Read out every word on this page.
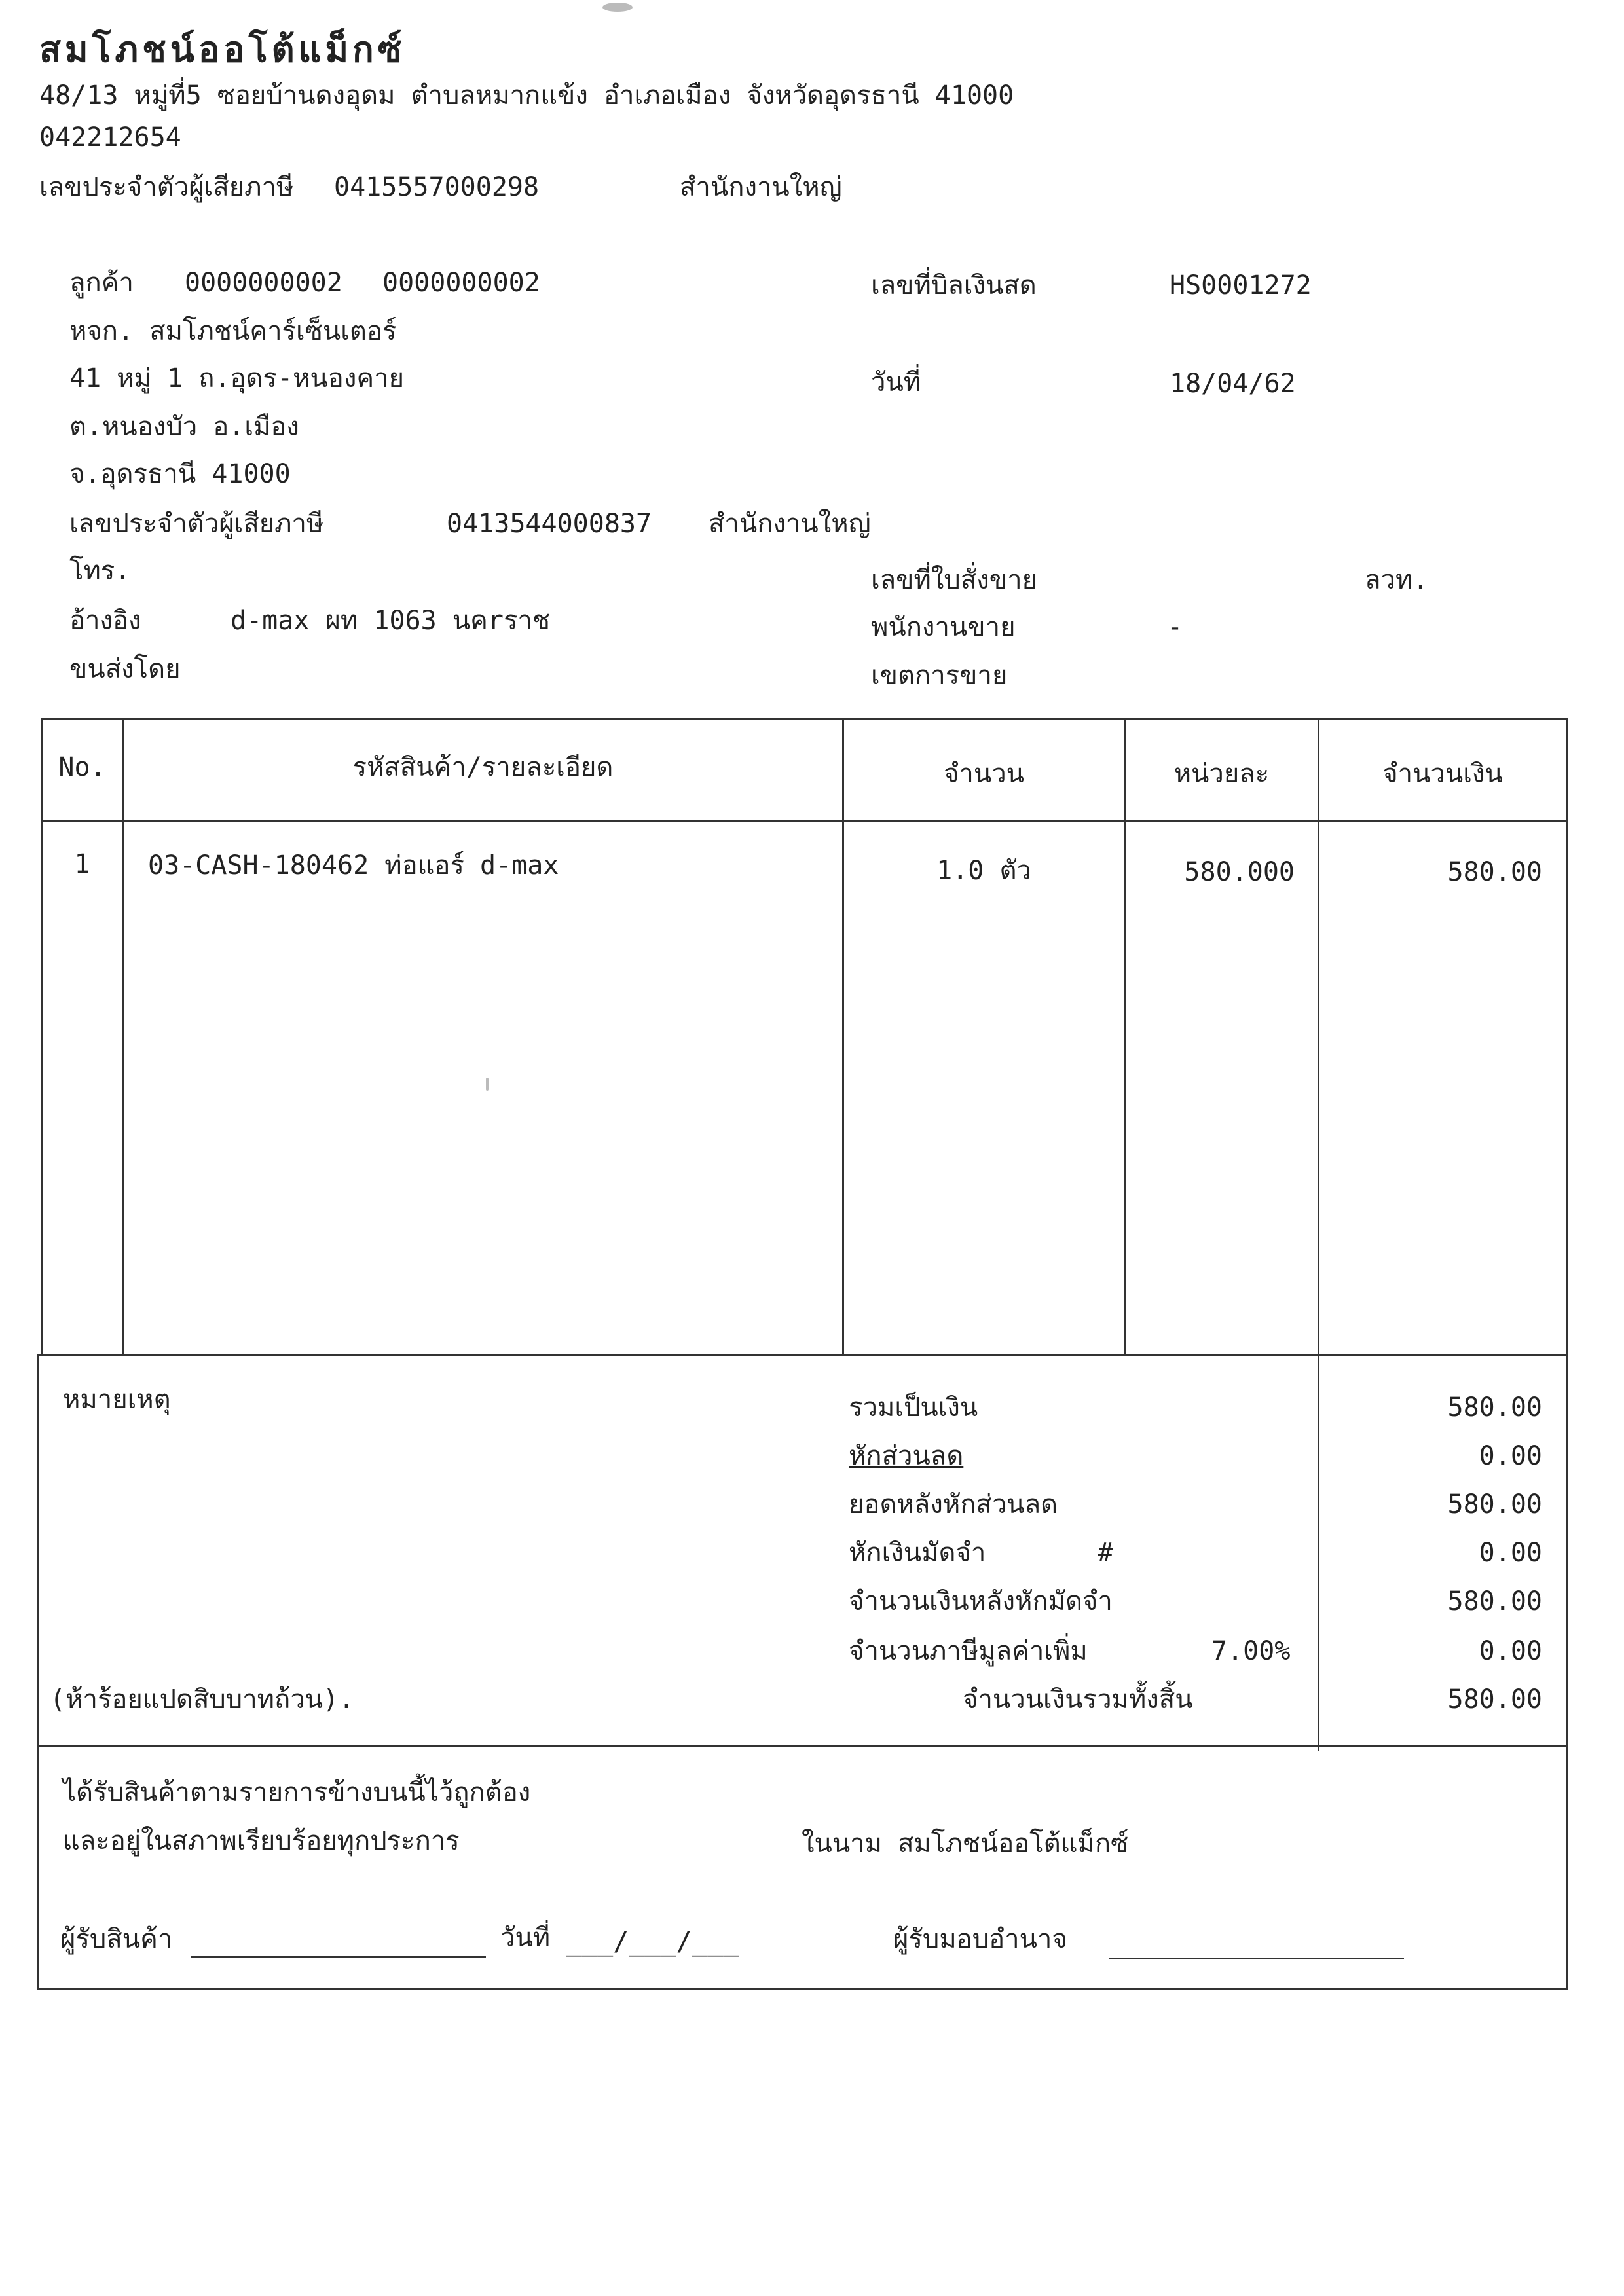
สมโภชน์ออโต้แม็กซ์
48/13 หมู่ที่5 ซอยบ้านดงอุดม ตำบลหมากแข้ง อำเภอเมือง จังหวัดอุดรธานี 41000
042212654
เลขประจำตัวผู้เสียภาษี 0415557000298	สำนักงานใหญ่
ลูกค้า 0000000002 0000000002
หจก. สมโภชน์คาร์เซ็นเตอร์
41 หมู่ 1 ถ.อุดร-หนองคาย
ต.หนองบัว อ.เมือง
จ.อุดรธานี 41000
เลขประจำตัวผู้เสียภาษี	0413544000837 สำนักงานใหญ่
โทร.
อ้างอิง	d-max ผท 1063 นคrราช
ขนส่งโดย
เลขที่บิลเงินสด	HS0001272
วันที่	18/04/62
เลขที่ใบสั่งขาย	ลวท.
พนักงานขาย	-
เขตการขาย
No.	รหัสสินค้า/รายละเอียด	จำนวน	หน่วยละ	จำนวนเงิน
1	03-CASH-180462 ท่อแอร์ d-max	1.0 ตัว	580.000	580.00
หมายเหตุ
(ห้าร้อยแปดสิบบาทถ้วน).
รวมเป็นเงิน	580.00
หักส่วนลด	0.00
ยอดหลังหักส่วนลด	580.00
หักเงินมัดจำ	#	0.00
จำนวนเงินหลังหักมัดจำ	580.00
จำนวนภาษีมูลค่าเพิ่ม	7.00%	0.00
จำนวนเงินรวมทั้งสิ้น	580.00
ได้รับสินค้าตามรายการข้างบนนี้ไว้ถูกต้อง
และอยู่ในสภาพเรียบร้อยทุกประการ	ในนาม สมโภชน์ออโต้แม็กซ์
ผู้รับสินค้า	วันที่ ___/___/___	ผู้รับมอบอำนาจ
